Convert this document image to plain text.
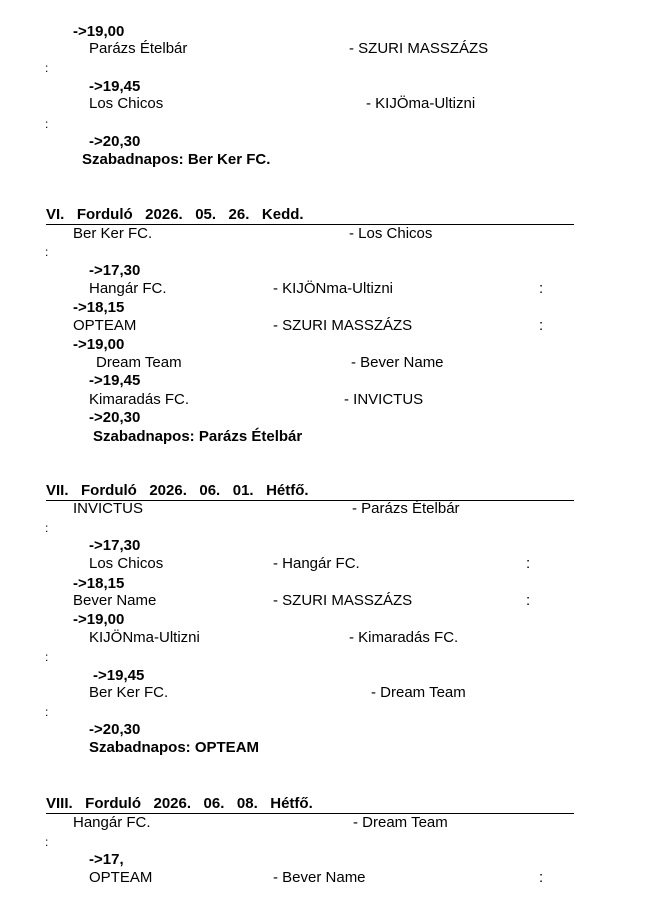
->19,00
Parázs Ételbár	- SZURI MASSZÁZS
:
->19,45
Los Chicos	- KIJÖma-Ultizni
:
->20,30
Szabadnapos: Ber Ker FC.
Ber Ker FC.	- Los Chicos
:
->17,30
Hangár FC.	- KIJÖNma-Ultizni	:
->18,15
OPTEAM	- SZURI MASSZÁZS	:
->19,00
Dream Team	- Bever Name
->19,45
Kimaradás FC.	- INVICTUS
->20,30
Szabadnapos: Parázs Ételbár
INVICTUS	- Parázs Ételbár
:
->17,30
Los Chicos	- Hangár FC.	:
->18,15
Bever Name	- SZURI MASSZÁZS	:
->19,00
KIJÖNma-Ultizni	- Kimaradás FC.
:
->19,45
Ber Ker FC.	- Dream Team
:
->20,30
Szabadnapos: OPTEAM
Hangár FC.	- Dream Team
:
->17,
OPTEAM	- Bever Name	:
VI.   Forduló   2026.   05.   26.   Kedd.
VII.   Forduló   2026.   06.   01.   Hétfő.
VIII.   Forduló   2026.   06.   08.   Hétfő.
